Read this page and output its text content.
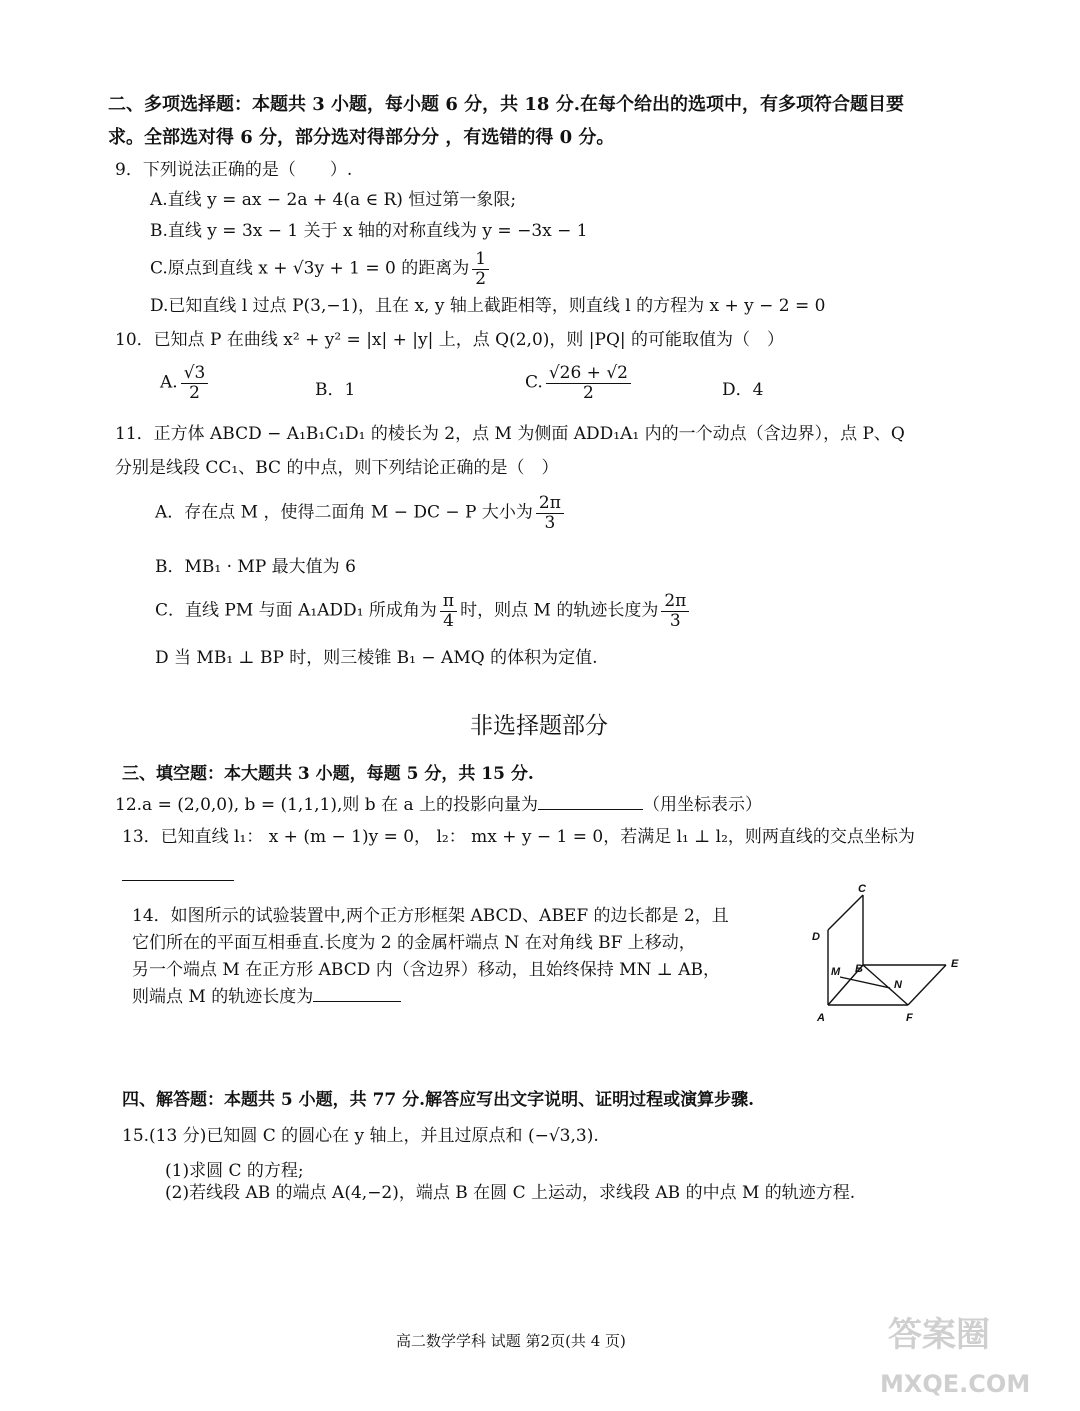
二、多项选择题：本题共 3 小题，每小题 6 分，共 18 分.在每个给出的选项中，有多项符合题目要
求。全部选对得 6 分，部分选对得部分分 ，有选错的得 0 分。
9．下列说法正确的是（　　）.
A.直线 y = ax − 2a + 4(a ∈ R) 恒过第一象限;
B.直线 y = 3x − 1 关于 x 轴的对称直线为 y = −3x − 1
C.原点到直线 x + √3y + 1 = 0 的距离为 $\frac{1}{2}$
D.已知直线 l 过点 P(3,−1)，且在 x, y 轴上截距相等，则直线 l 的方程为 x + y − 2 = 0
10．已知点 P 在曲线 x² + y² = |x| + |y| 上，点 Q(2,0)，则 |PQ| 的可能取值为（　）
A. $\frac{√3}{2}$	B．1	C. $\frac{√26 + √2}{2}$	D．4
11．正方体 ABCD − A₁B₁C₁D₁ 的棱长为 2，点 M 为侧面 ADD₁A₁ 内的一个动点（含边界），点 P、Q
分别是线段 CC₁、BC 的中点，则下列结论正确的是（　）
A．存在点 M ，使得二面角 M − DC − P 大小为 $\frac{2\pi}{3}$
B．MB₁ · MP 最大值为 6
C．直线 PM 与面 A₁ADD₁ 所成角为 $\frac{\pi}{4}$ 时，则点 M 的轨迹长度为 $\frac{2\pi}{3}$
D 当 MB₁ ⊥ BP 时，则三棱锥 B₁ − AMQ 的体积为定值.
非选择题部分
三、填空题：本大题共 3 小题，每题 5 分，共 15 分.
12.a = (2,0,0), b = (1,1,1),则 b 在 a 上的投影向量为	（用坐标表示）
13．已知直线 l₁： x + (m − 1)y = 0， l₂： mx + y − 1 = 0，若满足 l₁ ⊥ l₂，则两直线的交点坐标为
14．如图所示的试验装置中,两个正方形框架 ABCD、ABEF 的边长都是 2，且
它们所在的平面互相垂直.长度为 2 的金属杆端点 N 在对角线 BF 上移动，
另一个端点 M 在正方形 ABCD 内（含边界）移动，且始终保持 MN ⊥ AB，
则端点 M 的轨迹长度为
C
D
M B	E
N
A	F
四、解答题：本题共 5 小题，共 77 分.解答应写出文字说明、证明过程或演算步骤.
15.(13 分)已知圆 C 的圆心在 y 轴上，并且过原点和 (−√3,3).
(1)求圆 C 的方程;
(2)若线段 AB 的端点 A(4,−2)，端点 B 在圆 C 上运动，求线段 AB 的中点 M 的轨迹方程.
高二数学学科 试题 第2页(共 4 页)	答案圈
MXQE.COM
